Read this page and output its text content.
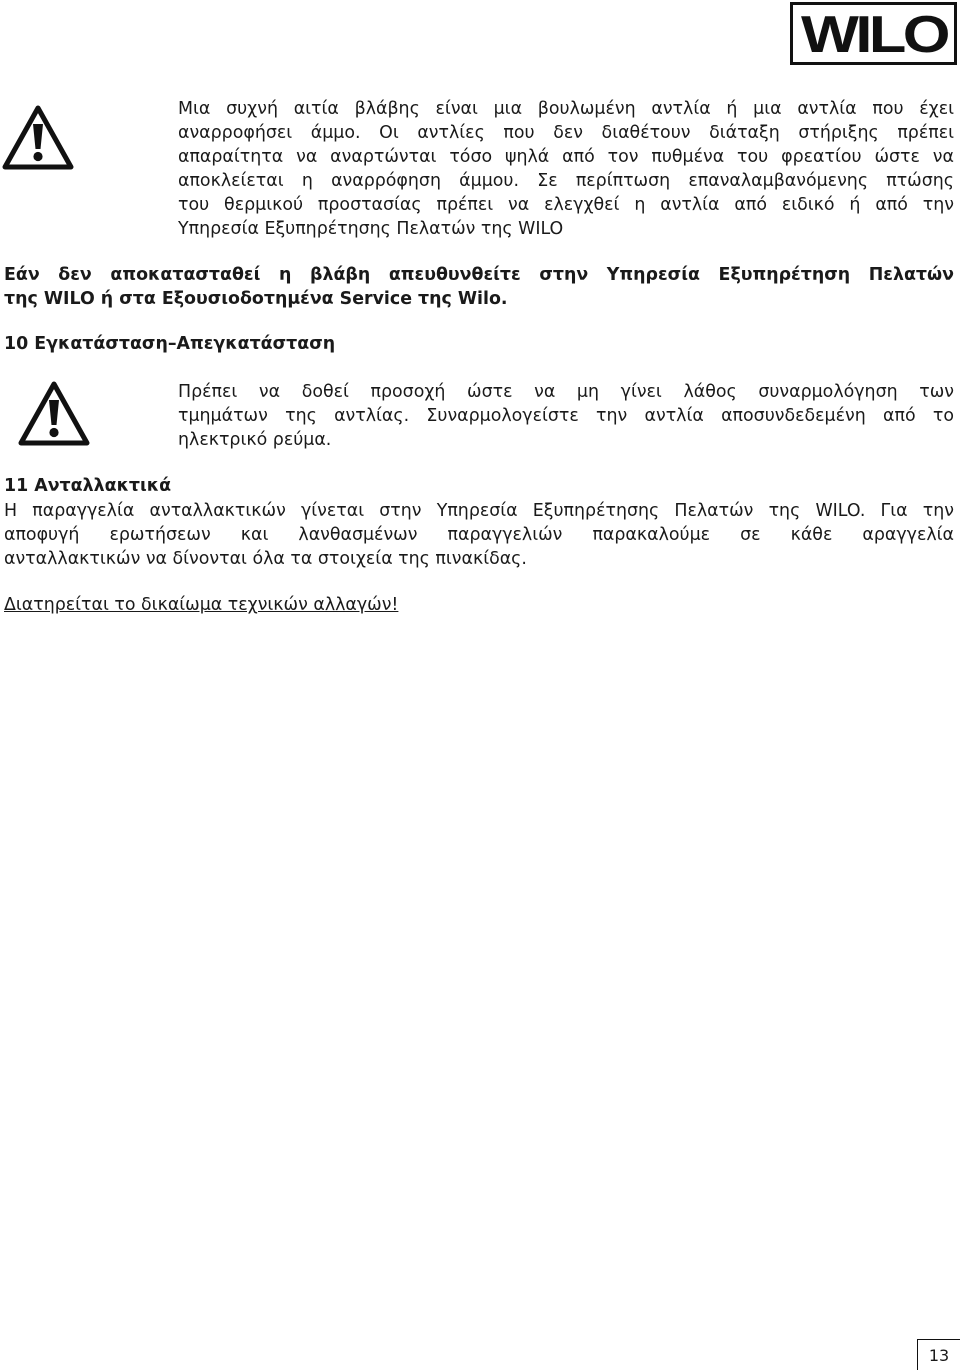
WILO
Μια συχνή αιτία βλάβης είναι μια βουλωμένη αντλία ή μια αντλία που έχει
αναρροφήσει άμμο. Οι αντλίες που δεν διαθέτουν διάταξη στήριξης πρέπει
απαραίτητα να αναρτώνται τόσο ψηλά από τον πυθμένα του φρεατίου ώστε να
αποκλείεται η αναρρόφηση άμμου. Σε περίπτωση επαναλαμβανόμενης πτώσης
του θερμικού προστασίας πρέπει να ελεγχθεί η αντλία από ειδικό ή από την
Υπηρεσία Εξυπηρέτησης Πελατών της WILO
Εάν δεν αποκατασταθεί η βλάβη απευθυνθείτε στην Υπηρεσία Εξυπηρέτηση Πελατών
της WILO ή στα Εξουσιοδοτημένα Service της Wilo.
10 Εγκατάσταση–Απεγκατάσταση
Πρέπει να δοθεί προσοχή ώστε να μη γίνει λάθος συναρμολόγηση των
τμημάτων της αντλίας. Συναρμολογείστε την αντλία αποσυνδεδεμένη από το
ηλεκτρικό ρεύμα.
11 Ανταλλακτικά
Η παραγγελία ανταλλακτικών γίνεται στην Υπηρεσία Εξυπηρέτησης Πελατών της WILO. Για την
αποφυγή ερωτήσεων και λανθασμένων παραγγελιών παρακαλούμε σε κάθε αραγγελία
ανταλλακτικών να δίνονται όλα τα στοιχεία της πινακίδας.
Διατηρείται το δικαίωμα τεχνικών αλλαγών!
13
